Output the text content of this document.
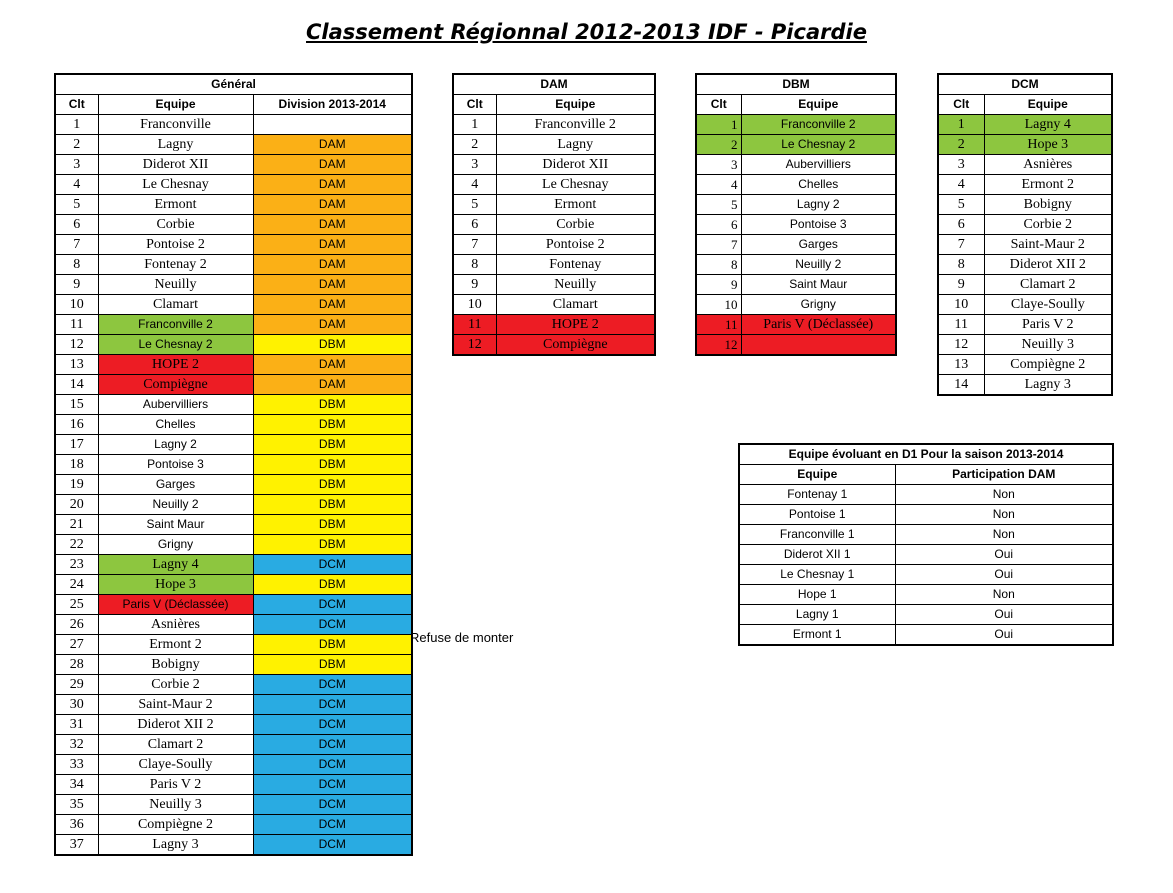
Classement Régionnal 2012-2013 IDF - Picardie
Général		
Clt	Equipe	Division 2013-2014
1	Franconville	
2	Lagny	DAM
3	Diderot XII	DAM
4	Le Chesnay	DAM
5	Ermont	DAM
6	Corbie	DAM
7	Pontoise 2	DAM
8	Fontenay 2	DAM
9	Neuilly	DAM
10	Clamart	DAM
11	Franconville 2	DAM
12	Le Chesnay 2	DBM
13	HOPE 2	DAM
14	Compiègne	DAM
15	Aubervilliers	DBM
16	Chelles	DBM
17	Lagny 2	DBM
18	Pontoise 3	DBM
19	Garges	DBM
20	Neuilly 2	DBM
21	Saint Maur	DBM
22	Grigny	DBM
23	Lagny 4	DCM
24	Hope 3	DBM
25	Paris V (Déclassée)	DCM
26	Asnières	DCM
27	Ermont 2	DBM
28	Bobigny	DBM
29	Corbie 2	DCM
30	Saint-Maur 2	DCM
31	Diderot XII 2	DCM
32	Clamart 2	DCM
33	Claye-Soully	DCM
34	Paris V 2	DCM
35	Neuilly 3	DCM
36	Compiègne 2	DCM
37	Lagny 3	DCM
Refuse de monter
DAM	
Clt	Equipe
1	Franconville 2
2	Lagny
3	Diderot XII
4	Le Chesnay
5	Ermont
6	Corbie
7	Pontoise 2
8	Fontenay
9	Neuilly
10	Clamart
11	HOPE 2
12	Compiègne
DBM	
Clt	Equipe
1	Franconville 2
2	Le Chesnay 2
3	Aubervilliers
4	Chelles
5	Lagny 2
6	Pontoise 3
7	Garges
8	Neuilly 2
9	Saint Maur
10	Grigny
11	Paris V (Déclassée)
12	
DCM	
Clt	Equipe
1	Lagny 4
2	Hope 3
3	Asnières
4	Ermont 2
5	Bobigny
6	Corbie 2
7	Saint-Maur 2
8	Diderot XII 2
9	Clamart 2
10	Claye-Soully
11	Paris V 2
12	Neuilly 3
13	Compiègne 2
14	Lagny 3
Equipe évoluant en D1 Pour la saison 2013-2014	
Equipe	Participation DAM
Fontenay 1	Non
Pontoise 1	Non
Franconville 1	Non
Diderot XII 1	Oui
Le Chesnay 1	Oui
Hope 1	Non
Lagny 1	Oui
Ermont 1	Oui
